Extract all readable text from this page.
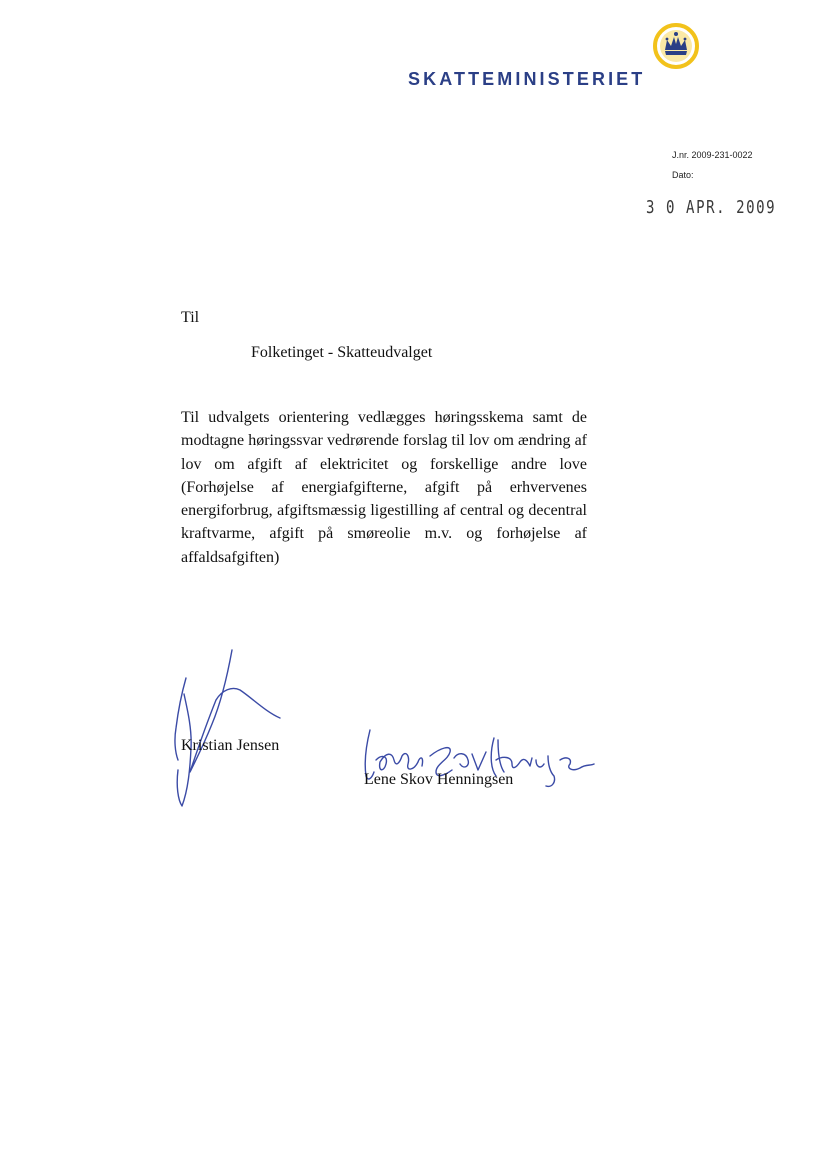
SKATTEMINISTERIET
J.nr. 2009-231-0022
Dato:
3 0 APR. 2009
Til
Folketinget - Skatteudvalget

Til udvalgets orientering vedlægges høringsskema samt de modtagne høringssvar vedrørende forslag til lov om ændring af lov om afgift af elektricitet og forskellige andre love (Forhøjelse af energiafgifterne, afgift på erhvervenes energiforbrug, afgiftsmæssig ligestilling af central og decentral kraftvarme, afgift på smøreolie m.v. og forhøjelse af affaldsafgiften)

Kristian Jensen
Lene Skov Henningsen
